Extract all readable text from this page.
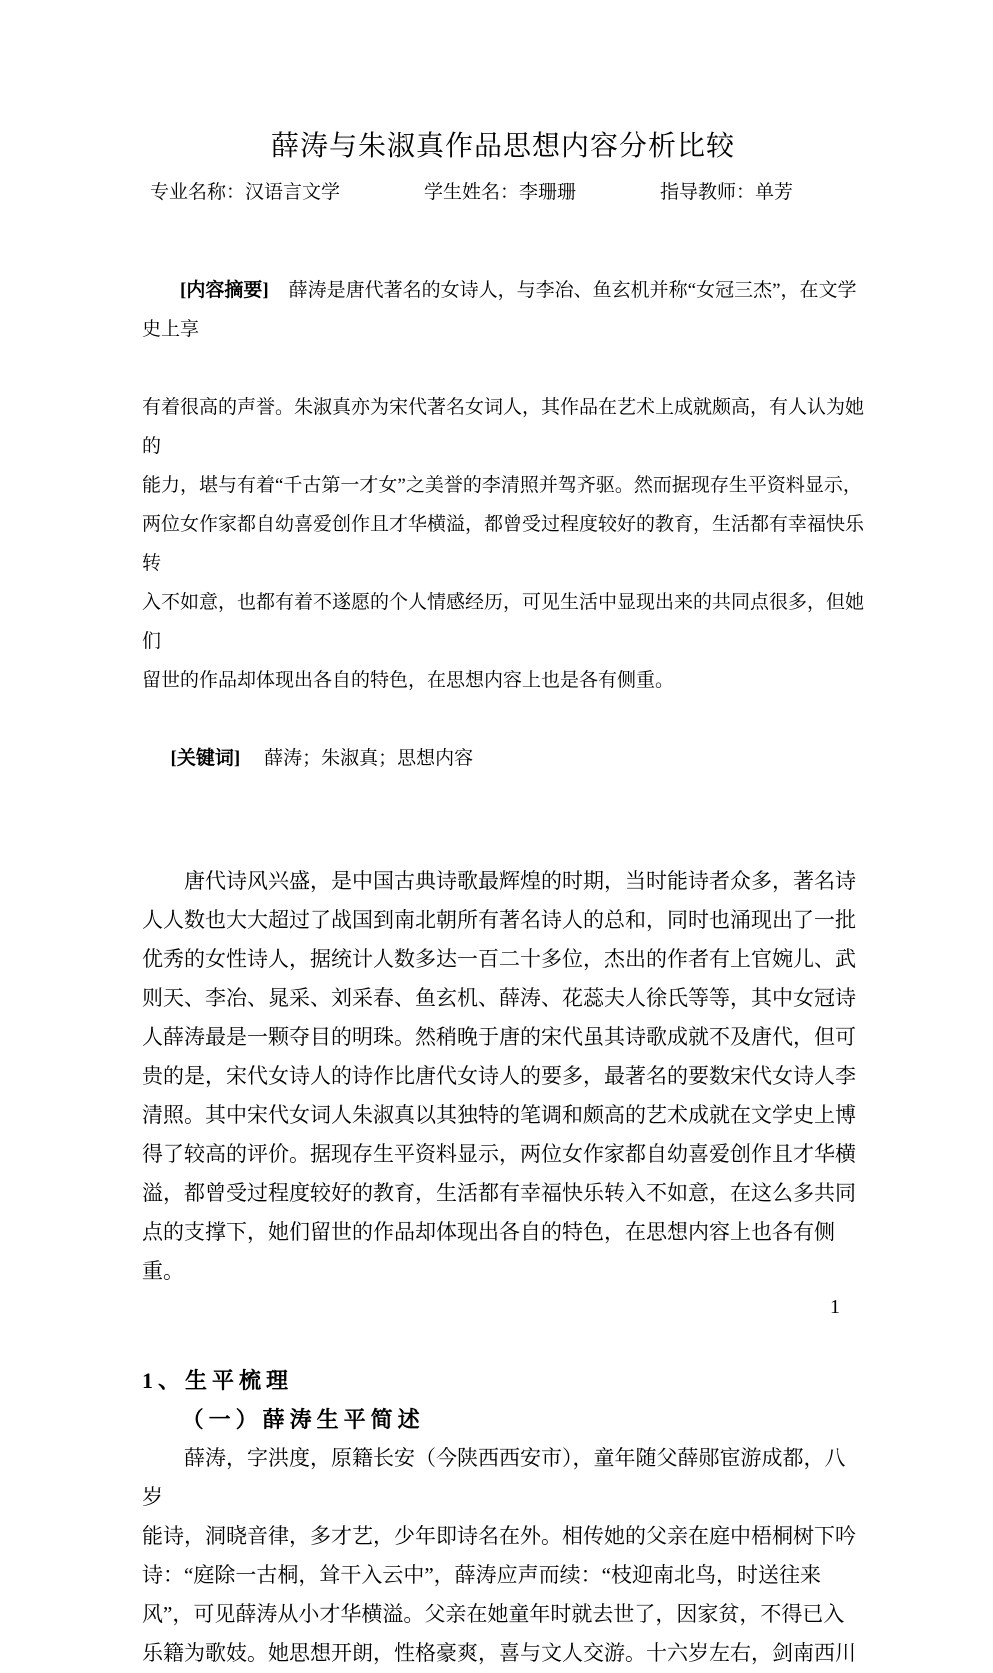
薛涛与朱淑真作品思想内容分析比较
专业名称：汉语言文学	学生姓名：李珊珊	指导教师：单芳

[内容摘要] 薛涛是唐代著名的女诗人，与李冶、鱼玄机并称“女冠三杰”，在文学史上享

有着很高的声誉。朱淑真亦为宋代著名女词人，其作品在艺术上成就颇高，有人认为她的
能力，堪与有着“千古第一才女”之美誉的李清照并驾齐驱。然而据现存生平资料显示，
两位女作家都自幼喜爱创作且才华横溢，都曾受过程度较好的教育，生活都有幸福快乐转
入不如意，也都有着不遂愿的个人情感经历，可见生活中显现出来的共同点很多，但她们
留世的作品却体现出各自的特色，在思想内容上也是各有侧重。

[关键词] 薛涛；朱淑真；思想内容

唐代诗风兴盛，是中国古典诗歌最辉煌的时期，当时能诗者众多，著名诗
人人数也大大超过了战国到南北朝所有著名诗人的总和，同时也涌现出了一批
优秀的女性诗人，据统计人数多达一百二十多位，杰出的作者有上官婉儿、武
则天、李冶、晁采、刘采春、鱼玄机、薛涛、花蕊夫人徐氏等等，其中女冠诗
人薛涛最是一颗夺目的明珠。然稍晚于唐的宋代虽其诗歌成就不及唐代，但可
贵的是，宋代女诗人的诗作比唐代女诗人的要多，最著名的要数宋代女诗人李
清照。其中宋代女词人朱淑真以其独特的笔调和颇高的艺术成就在文学史上博
得了较高的评价。据现存生平资料显示，两位女作家都自幼喜爱创作且才华横
溢，都曾受过程度较好的教育，生活都有幸福快乐转入不如意，在这么多共同
点的支撑下，她们留世的作品却体现出各自的特色，在思想内容上也各有侧重。
1、生平梳理
（一）薛涛生平简述
薛涛，字洪度，原籍长安（今陕西西安市），童年随父薛郧宦游成都，八岁
能诗，洞晓音律，多才艺，少年即诗名在外。相传她的父亲在庭中梧桐树下吟
诗：“庭除一古桐，耸干入云中”，薛涛应声而续：“枝迎南北鸟，时送往来
风”，可见薛涛从小才华横溢。父亲在她童年时就去世了，因家贫，不得已入
乐籍为歌妓。她思想开朗，性格豪爽，喜与文人交游。十六岁左右，剑南西川
1
